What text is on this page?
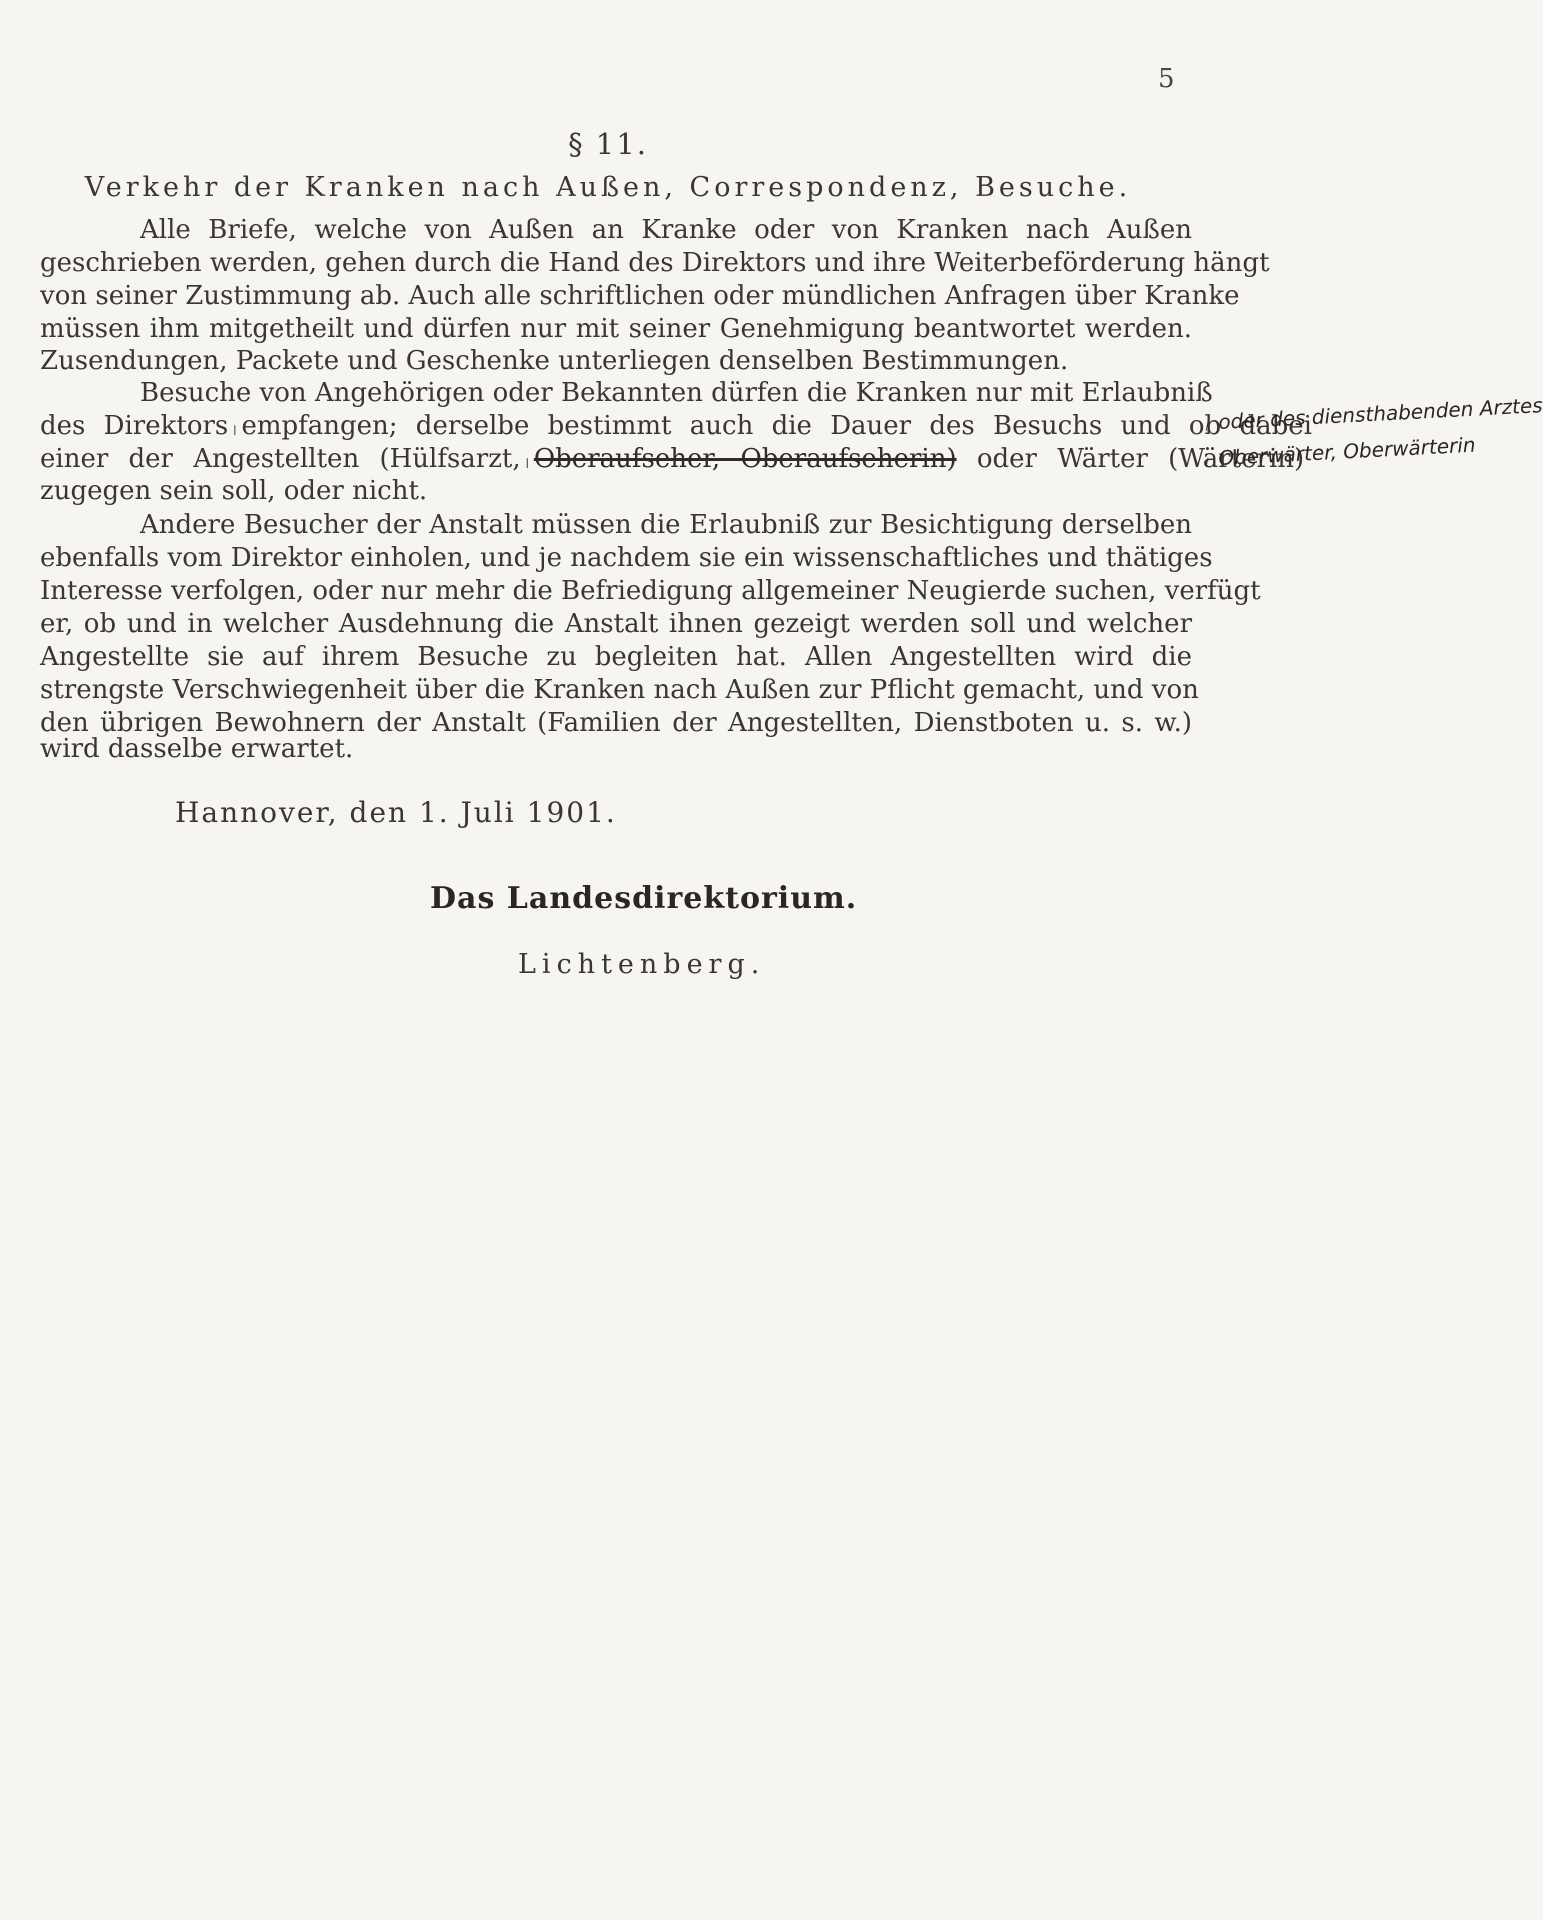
5
§ 11.
Verkehr der Kranken nach Außen, Correspondenz, Besuche.
Alle Briefe, welche von Außen an Kranke oder von Kranken nach Außen
geschrieben werden, gehen durch die Hand des Direktors und ihre Weiterbeförderung hängt
von seiner Zustimmung ab. Auch alle schriftlichen oder mündlichen Anfragen über Kranke
müssen ihm mitgetheilt und dürfen nur mit seiner Genehmigung beantwortet werden.
Zusendungen, Packete und Geschenke unterliegen denselben Bestimmungen.
Besuche von Angehörigen oder Bekannten dürfen die Kranken nur mit Erlaubniß
des Direktorsᛧempfangen; derselbe bestimmt auch die Dauer des Besuchs und ob dabei
einer der Angestellten (Hülfsarzt,ᛧOberaufseher, Oberaufseherin) oder Wärter (Wärterin)
zugegen sein soll, oder nicht.
ᛧ oder des diensthabenden Arztes
ᛧ Oberwärter, Oberwärterin
Andere Besucher der Anstalt müssen die Erlaubniß zur Besichtigung derselben
ebenfalls vom Direktor einholen, und je nachdem sie ein wissenschaftliches und thätiges
Interesse verfolgen, oder nur mehr die Befriedigung allgemeiner Neugierde suchen, verfügt
er, ob und in welcher Ausdehnung die Anstalt ihnen gezeigt werden soll und welcher
Angestellte sie auf ihrem Besuche zu begleiten hat. Allen Angestellten wird die
strengste Verschwiegenheit über die Kranken nach Außen zur Pflicht gemacht, und von
den übrigen Bewohnern der Anstalt (Familien der Angestellten, Dienstboten u. s. w.)
wird dasselbe erwartet.
Hannover, den 1. Juli 1901.
Das Landesdirektorium.
Lichtenberg.
